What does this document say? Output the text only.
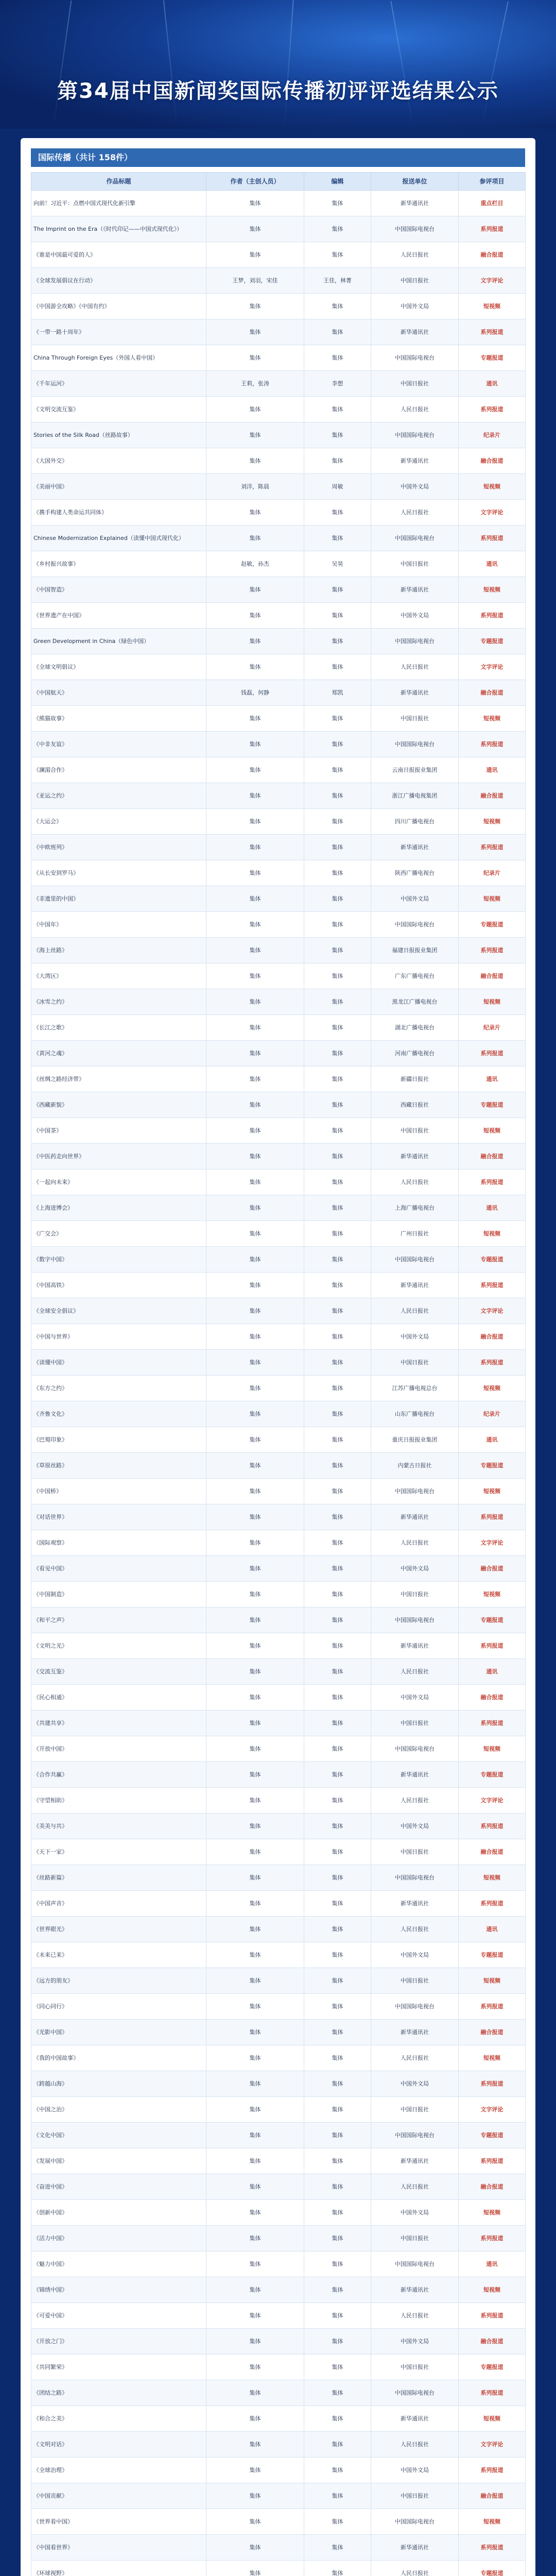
第34届中国新闻奖国际传播初评评选结果公示
国际传播（共计 158件）
作品标题	作者（主创人员）	编辑	报送单位	参评项目
向前！习近平：点燃中国式现代化新引擎	集体	集体	新华通讯社	重点栏目
The Imprint on the Era（《时代印记——中国式现代化》）	集体	集体	中国国际电视台	系列报道
《谁是中国最可爱的人》	集体	集体	人民日报社	融合报道
《全球发展倡议在行动》	王梦，刘羽，宋佳	王佳，林菁	中国日报社	文字评论
《中国游全攻略》《中国有约》	集体	集体	中国外文局	短视频
《一带一路十周年》	集体	集体	新华通讯社	系列报道
China Through Foreign Eyes（外国人看中国）	集体	集体	中国国际电视台	专题报道
《千年运河》	王莉，张涛	李想	中国日报社	通讯
《文明交流互鉴》	集体	集体	人民日报社	系列报道
Stories of the Silk Road（丝路故事）	集体	集体	中国国际电视台	纪录片
《大国外交》	集体	集体	新华通讯社	融合报道
《美丽中国》	刘洋，陈晨	周敏	中国外文局	短视频
《携手构建人类命运共同体》	集体	集体	人民日报社	文字评论
Chinese Modernization Explained（读懂中国式现代化）	集体	集体	中国国际电视台	系列报道
《乡村振兴故事》	赵敏，孙杰	吴昊	中国日报社	通讯
《中国智造》	集体	集体	新华通讯社	短视频
《世界遗产在中国》	集体	集体	中国外文局	系列报道
Green Development in China（绿色中国）	集体	集体	中国国际电视台	专题报道
《全球文明倡议》	集体	集体	人民日报社	文字评论
《中国航天》	钱磊，何静	郑凯	新华通讯社	融合报道
《熊猫故事》	集体	集体	中国日报社	短视频
《中非友谊》	集体	集体	中国国际电视台	系列报道
《澜湄合作》	集体	集体	云南日报报业集团	通讯
《亚运之约》	集体	集体	浙江广播电视集团	融合报道
《大运会》	集体	集体	四川广播电视台	短视频
《中欧班列》	集体	集体	新华通讯社	系列报道
《从长安到罗马》	集体	集体	陕西广播电视台	纪录片
《非遗里的中国》	集体	集体	中国外文局	短视频
《中国年》	集体	集体	中国国际电视台	专题报道
《海上丝路》	集体	集体	福建日报报业集团	系列报道
《大湾区》	集体	集体	广东广播电视台	融合报道
《冰雪之约》	集体	集体	黑龙江广播电视台	短视频
《长江之歌》	集体	集体	湖北广播电视台	纪录片
《黄河之魂》	集体	集体	河南广播电视台	系列报道
《丝绸之路经济带》	集体	集体	新疆日报社	通讯
《西藏新貌》	集体	集体	西藏日报社	专题报道
《中国茶》	集体	集体	中国日报社	短视频
《中医药走向世界》	集体	集体	新华通讯社	融合报道
《一起向未来》	集体	集体	人民日报社	系列报道
《上海进博会》	集体	集体	上海广播电视台	通讯
《广交会》	集体	集体	广州日报社	短视频
《数字中国》	集体	集体	中国国际电视台	专题报道
《中国高铁》	集体	集体	新华通讯社	系列报道
《全球安全倡议》	集体	集体	人民日报社	文字评论
《中国与世界》	集体	集体	中国外文局	融合报道
《读懂中国》	集体	集体	中国日报社	系列报道
《东方之约》	集体	集体	江苏广播电视总台	短视频
《齐鲁文化》	集体	集体	山东广播电视台	纪录片
《巴蜀印象》	集体	集体	重庆日报报业集团	通讯
《草原丝路》	集体	集体	内蒙古日报社	专题报道
《中国桥》	集体	集体	中国国际电视台	短视频
《对话世界》	集体	集体	新华通讯社	系列报道
《国际观察》	集体	集体	人民日报社	文字评论
《看见中国》	集体	集体	中国外文局	融合报道
《中国制造》	集体	集体	中国日报社	短视频
《和平之声》	集体	集体	中国国际电视台	专题报道
《文明之光》	集体	集体	新华通讯社	系列报道
《交流互鉴》	集体	集体	人民日报社	通讯
《民心相通》	集体	集体	中国外文局	融合报道
《共建共享》	集体	集体	中国日报社	系列报道
《开放中国》	集体	集体	中国国际电视台	短视频
《合作共赢》	集体	集体	新华通讯社	专题报道
《守望相助》	集体	集体	人民日报社	文字评论
《美美与共》	集体	集体	中国外文局	系列报道
《天下一家》	集体	集体	中国日报社	融合报道
《丝路新篇》	集体	集体	中国国际电视台	短视频
《中国声音》	集体	集体	新华通讯社	系列报道
《世界眼光》	集体	集体	人民日报社	通讯
《未来已来》	集体	集体	中国外文局	专题报道
《远方的朋友》	集体	集体	中国日报社	短视频
《同心同行》	集体	集体	中国国际电视台	系列报道
《光影中国》	集体	集体	新华通讯社	融合报道
《我的中国故事》	集体	集体	人民日报社	短视频
《跨越山海》	集体	集体	中国外文局	系列报道
《中国之治》	集体	集体	中国日报社	文字评论
《文化中国》	集体	集体	中国国际电视台	专题报道
《发展中国》	集体	集体	新华通讯社	系列报道
《奋进中国》	集体	集体	人民日报社	融合报道
《创新中国》	集体	集体	中国外文局	短视频
《活力中国》	集体	集体	中国日报社	系列报道
《魅力中国》	集体	集体	中国国际电视台	通讯
《锦绣中国》	集体	集体	新华通讯社	短视频
《可爱中国》	集体	集体	人民日报社	系列报道
《开放之门》	集体	集体	中国外文局	融合报道
《共同繁荣》	集体	集体	中国日报社	专题报道
《团结之路》	集体	集体	中国国际电视台	系列报道
《和合之美》	集体	集体	新华通讯社	短视频
《文明对话》	集体	集体	人民日报社	文字评论
《全球治理》	集体	集体	中国外文局	系列报道
《中国贡献》	集体	集体	中国日报社	融合报道
《世界看中国》	集体	集体	中国国际电视台	短视频
《中国看世界》	集体	集体	新华通讯社	系列报道
《环球视野》	集体	集体	人民日报社	专题报道
